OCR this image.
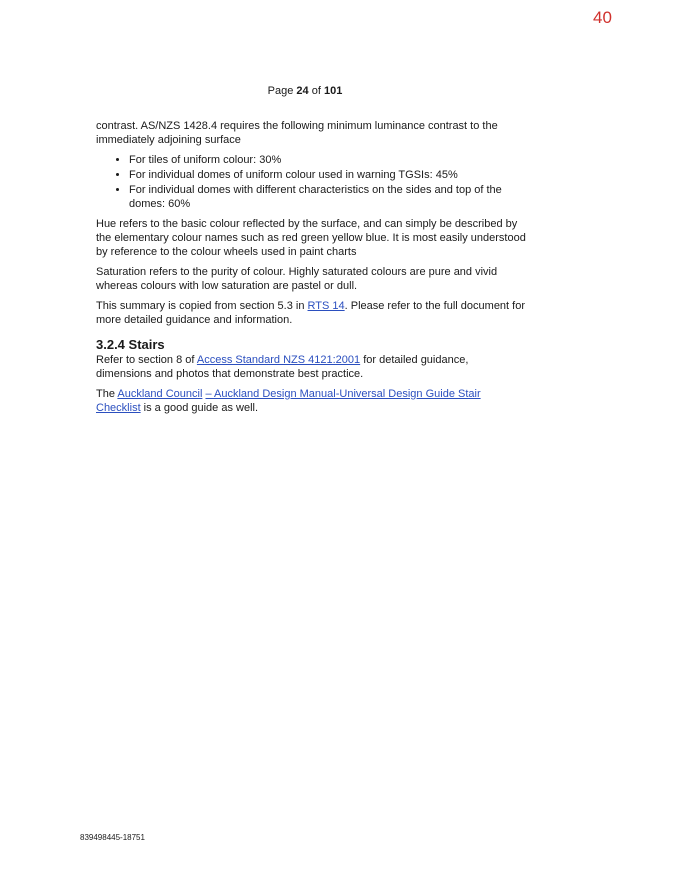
40
Page 24 of 101

contrast. AS/NZS 1428.4 requires the following minimum luminance contrast to the immediately adjoining surface

• For tiles of uniform colour: 30%
• For individual domes of uniform colour used in warning TGSIs: 45%
• For individual domes with different characteristics on the sides and top of the domes: 60%

Hue refers to the basic colour reflected by the surface, and can simply be described by the elementary colour names such as red green yellow blue. It is most easily understood by reference to the colour wheels used in paint charts

Saturation refers to the purity of colour. Highly saturated colours are pure and vivid whereas colours with low saturation are pastel or dull.

This summary is copied from section 5.3 in RTS 14. Please refer to the full document for more detailed guidance and information.

3.2.4 Stairs

Refer to section 8 of Access Standard NZS 4121:2001 for detailed guidance, dimensions and photos that demonstrate best practice.

The Auckland Council – Auckland Design Manual-Universal Design Guide Stair Checklist is a good guide as well.

839498445-18751
